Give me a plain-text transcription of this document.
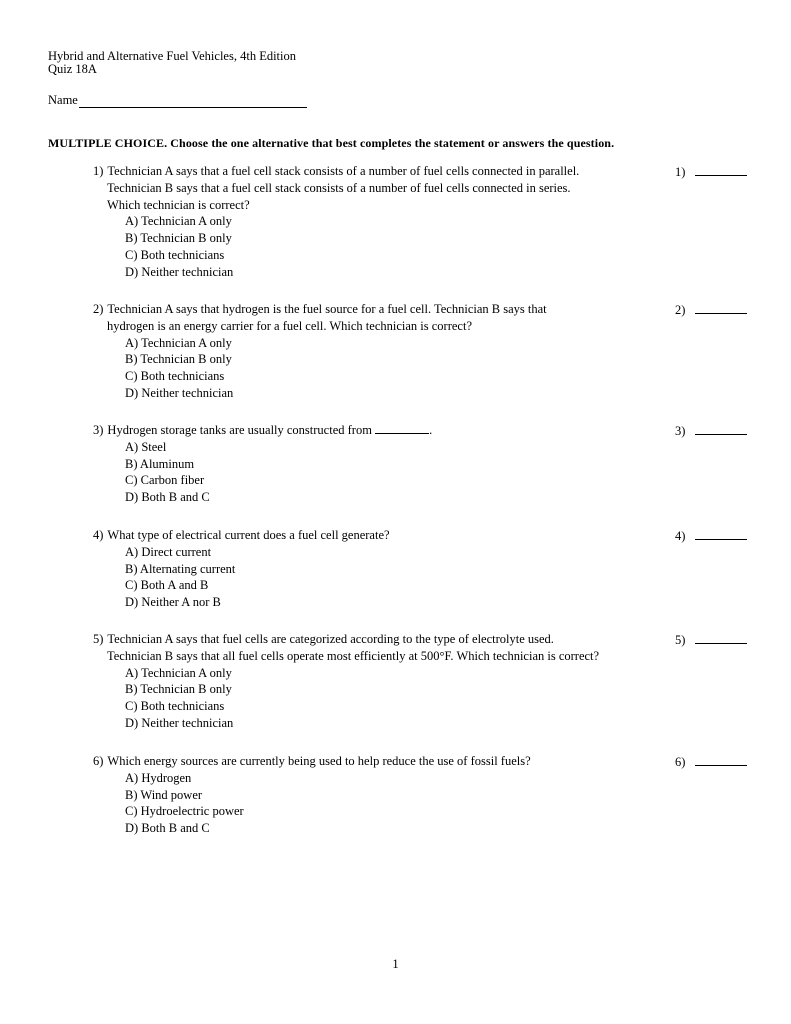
Hybrid and Alternative Fuel Vehicles, 4th Edition
Quiz 18A
Name
MULTIPLE CHOICE. Choose the one alternative that best completes the statement or answers the question.
1) Technician A says that a fuel cell stack consists of a number of fuel cells connected in parallel.
Technician B says that a fuel cell stack consists of a number of fuel cells connected in series.
Which technician is correct?
1)
A) Technician A only
B) Technician B only
C) Both technicians
D) Neither technician
2) Technician A says that hydrogen is the fuel source for a fuel cell. Technician B says that
hydrogen is an energy carrier for a fuel cell. Which technician is correct?
2)
A) Technician A only
B) Technician B only
C) Both technicians
D) Neither technician
3) Hydrogen storage tanks are usually constructed from	.	3)
A) Steel
B) Aluminum
C) Carbon fiber
D) Both B and C
4) What type of electrical current does a fuel cell generate?	4)
A) Direct current
B) Alternating current
C) Both A and B
D) Neither A nor B
5) Technician A says that fuel cells are categorized according to the type of electrolyte used.
Technician B says that all fuel cells operate most efficiently at 500°F. Which technician is correct?
5)
A) Technician A only
B) Technician B only
C) Both technicians
D) Neither technician
6) Which energy sources are currently being used to help reduce the use of fossil fuels?	6)
A) Hydrogen
B) Wind power
C) Hydroelectric power
D) Both B and C
1
